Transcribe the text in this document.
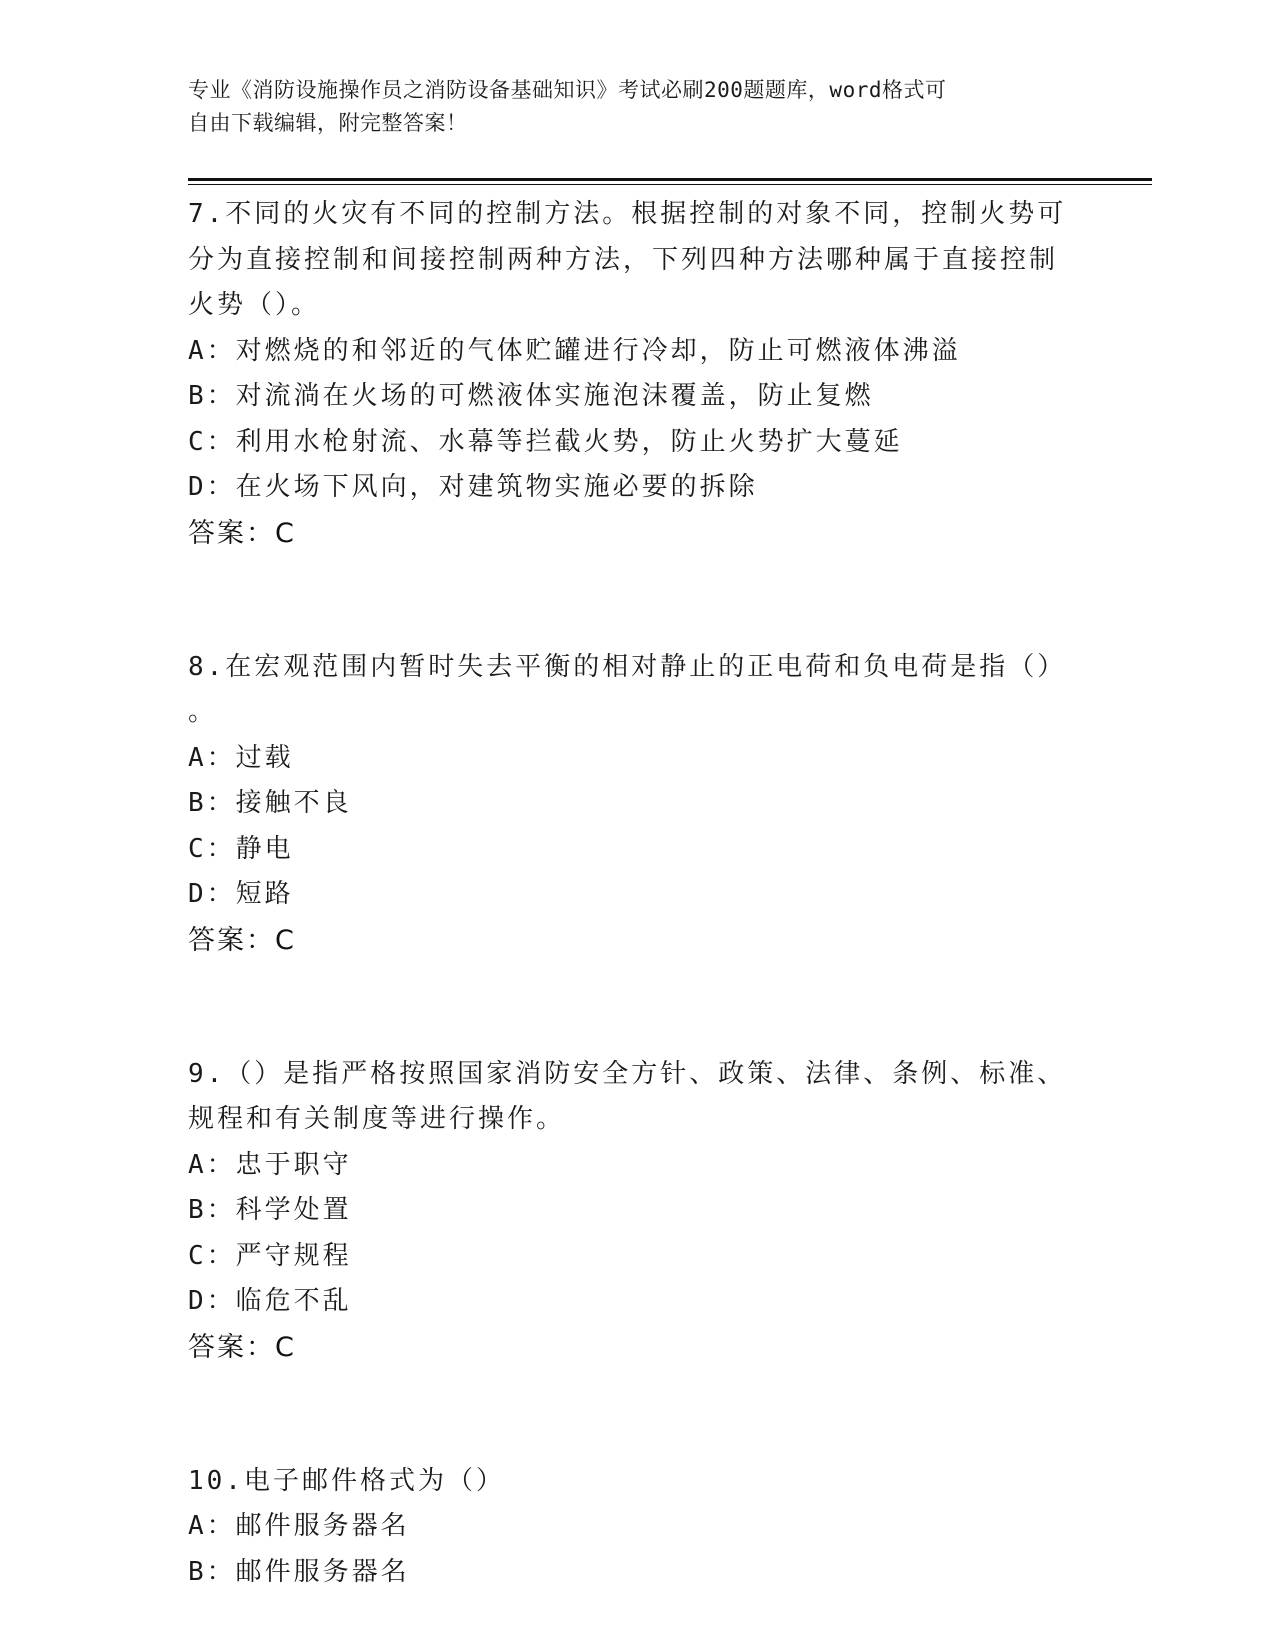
专业《消防设施操作员之消防设备基础知识》考试必刷200题题库，word格式可
自由下载编辑，附完整答案！
7.不同的火灾有不同的控制方法。根据控制的对象不同，控制火势可
分为直接控制和间接控制两种方法，下列四种方法哪种属于直接控制
火势（）。
A：对燃烧的和邻近的气体贮罐进行冷却，防止可燃液体沸溢
B：对流淌在火场的可燃液体实施泡沫覆盖，防止复燃
C：利用水枪射流、水幕等拦截火势，防止火势扩大蔓延
D：在火场下风向，对建筑物实施必要的拆除
答案：C
8.在宏观范围内暂时失去平衡的相对静止的正电荷和负电荷是指（）
。
A：过载
B：接触不良
C：静电
D：短路
答案：C
9.（）是指严格按照国家消防安全方针、政策、法律、条例、标准、
规程和有关制度等进行操作。
A：忠于职守
B：科学处置
C：严守规程
D：临危不乱
答案：C
10.电子邮件格式为（）
A：邮件服务器名
B：邮件服务器名
